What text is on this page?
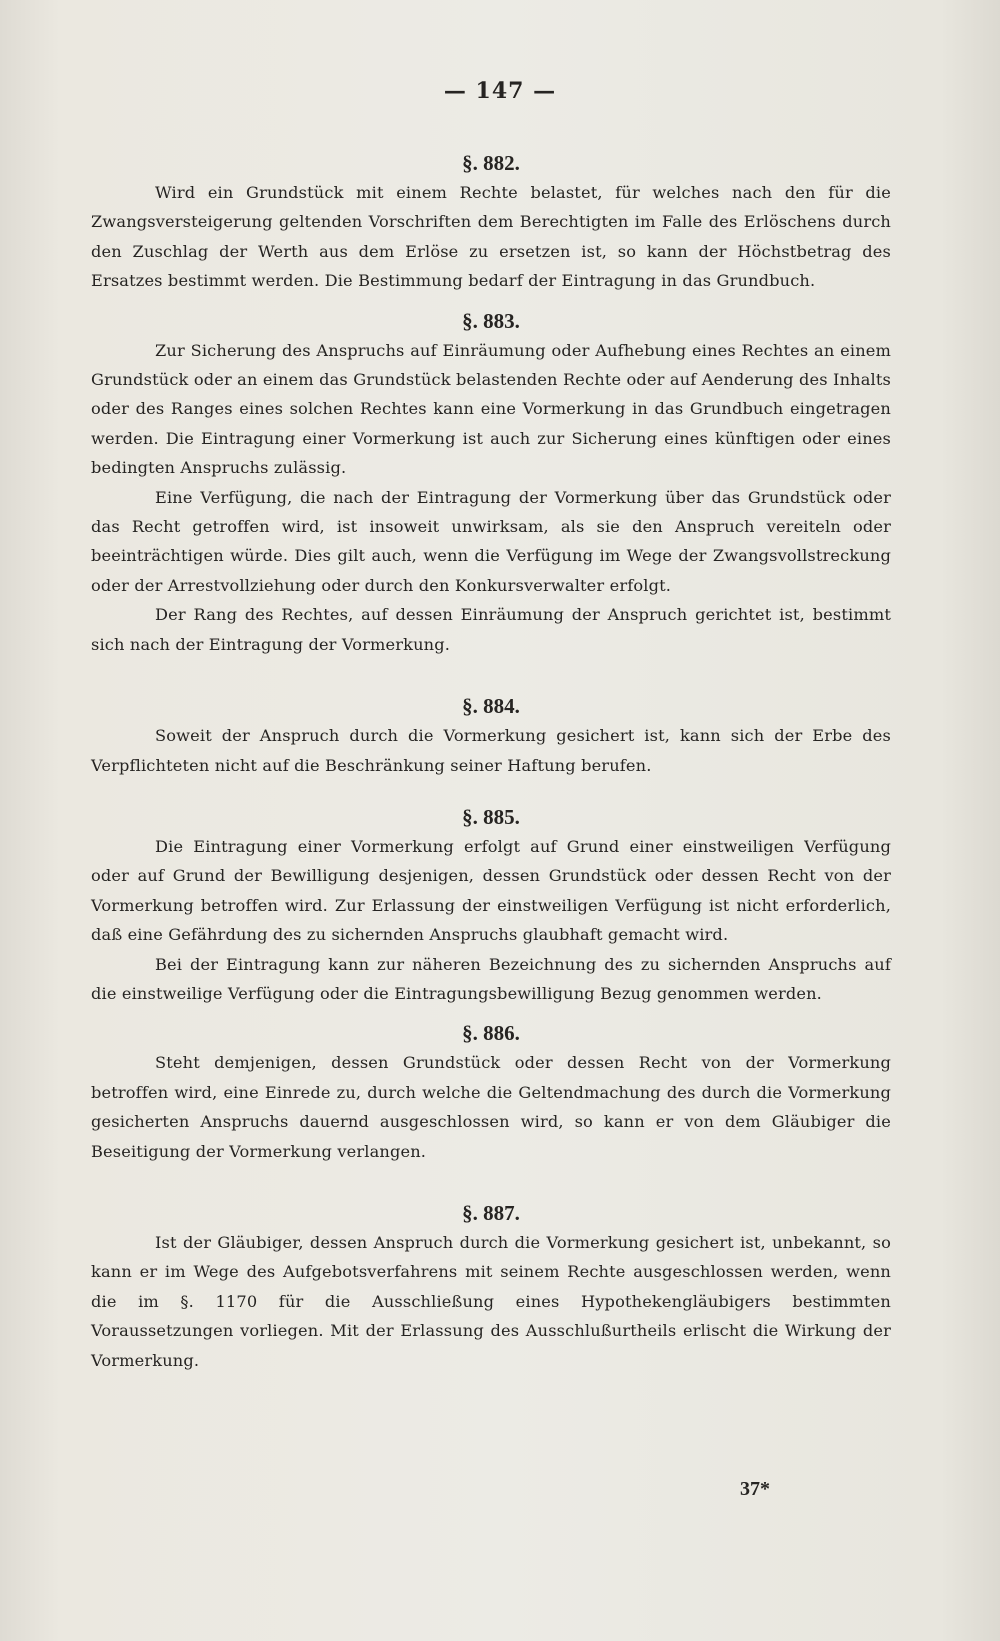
— 147 —
§. 882.

Wird ein Grundstück mit einem Rechte belastet, für welches nach den für die Zwangsversteigerung geltenden Vorschriften dem Berechtigten im Falle des Erlöschens durch den Zuschlag der Werth aus dem Erlöse zu ersetzen ist, so kann der Höchstbetrag des Ersatzes bestimmt werden. Die Bestimmung bedarf der Eintragung in das Grundbuch.

§. 883.

Zur Sicherung des Anspruchs auf Einräumung oder Aufhebung eines Rechtes an einem Grundstück oder an einem das Grundstück belastenden Rechte oder auf Aenderung des Inhalts oder des Ranges eines solchen Rechtes kann eine Vormerkung in das Grundbuch eingetragen werden. Die Eintragung einer Vormerkung ist auch zur Sicherung eines künftigen oder eines bedingten Anspruchs zulässig.

Eine Verfügung, die nach der Eintragung der Vormerkung über das Grundstück oder das Recht getroffen wird, ist insoweit unwirksam, als sie den Anspruch vereiteln oder beeinträchtigen würde. Dies gilt auch, wenn die Verfügung im Wege der Zwangsvollstreckung oder der Arrestvollziehung oder durch den Konkursverwalter erfolgt.

Der Rang des Rechtes, auf dessen Einräumung der Anspruch gerichtet ist, bestimmt sich nach der Eintragung der Vormerkung.

§. 884.

Soweit der Anspruch durch die Vormerkung gesichert ist, kann sich der Erbe des Verpflichteten nicht auf die Beschränkung seiner Haftung berufen.

§. 885.

Die Eintragung einer Vormerkung erfolgt auf Grund einer einstweiligen Verfügung oder auf Grund der Bewilligung desjenigen, dessen Grundstück oder dessen Recht von der Vormerkung betroffen wird. Zur Erlassung der einstweiligen Verfügung ist nicht erforderlich, daß eine Gefährdung des zu sichernden Anspruchs glaubhaft gemacht wird.

Bei der Eintragung kann zur näheren Bezeichnung des zu sichernden Anspruchs auf die einstweilige Verfügung oder die Eintragungsbewilligung Bezug genommen werden.

§. 886.

Steht demjenigen, dessen Grundstück oder dessen Recht von der Vormerkung betroffen wird, eine Einrede zu, durch welche die Geltendmachung des durch die Vormerkung gesicherten Anspruchs dauernd ausgeschlossen wird, so kann er von dem Gläubiger die Beseitigung der Vormerkung verlangen.

§. 887.

Ist der Gläubiger, dessen Anspruch durch die Vormerkung gesichert ist, unbekannt, so kann er im Wege des Aufgebotsverfahrens mit seinem Rechte ausgeschlossen werden, wenn die im §. 1170 für die Ausschließung eines Hypothekengläubigers bestimmten Voraussetzungen vorliegen. Mit der Erlassung des Ausschlußurtheils erlischt die Wirkung der Vormerkung.

37*
